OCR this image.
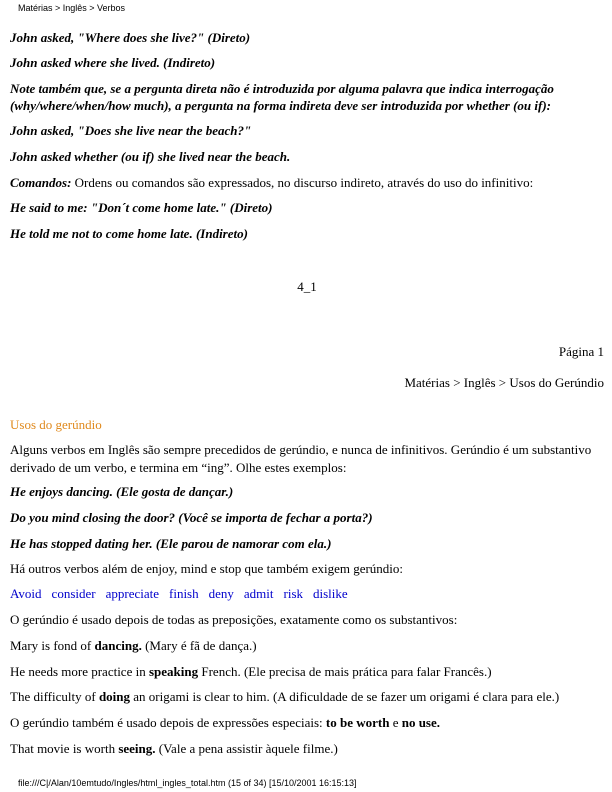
Matérias > Inglês > Verbos

John asked, "Where does she live?" (Direto)

John asked where she lived. (Indireto)

Note também que, se a pergunta direta não é introduzida por alguma palavra que indica interrogação

(why/where/when/how much), a pergunta na forma indireta deve ser introduzida por whether (ou if):

John asked, "Does she live near the beach?"

John asked whether (ou if) she lived near the beach.

Comandos: Ordens ou comandos são expressados, no discurso indireto, através do uso do infinitivo:

He said to me: "Don´t come home late." (Direto)

He told me not to come home late. (Indireto)

4_1

Página 1

Matérias > Inglês > Usos do Gerúndio

Usos do gerúndio

Alguns verbos em Inglês são sempre precedidos de gerúndio, e nunca de infinitivos. Gerúndio é um substantivo derivado de um verbo, e termina em “ing”. Olhe estes exemplos:

He enjoys dancing. (Ele gosta de dançar.)

Do you mind closing the door? (Você se importa de fechar a porta?)

He has stopped dating her. (Ele parou de namorar com ela.)

Há outros verbos além de enjoy, mind e stop que também exigem gerúndio:

Avoid consider appreciate finish deny admit risk dislike

O gerúndio é usado depois de todas as preposições, exatamente como os substantivos:

Mary is fond of dancing. (Mary é fã de dança.)

He needs more practice in speaking French. (Ele precisa de mais prática para falar Francês.)

The difficulty of doing an origami is clear to him. (A dificuldade de se fazer um origami é clara para ele.)

O gerúndio também é usado depois de expressões especiais: to be worth e no use.

That movie is worth seeing. (Vale a pena assistir àquele filme.)

file:///C|/Alan/10emtudo/Ingles/html_ingles_total.htm (15 of 34) [15/10/2001 16:15:13]
